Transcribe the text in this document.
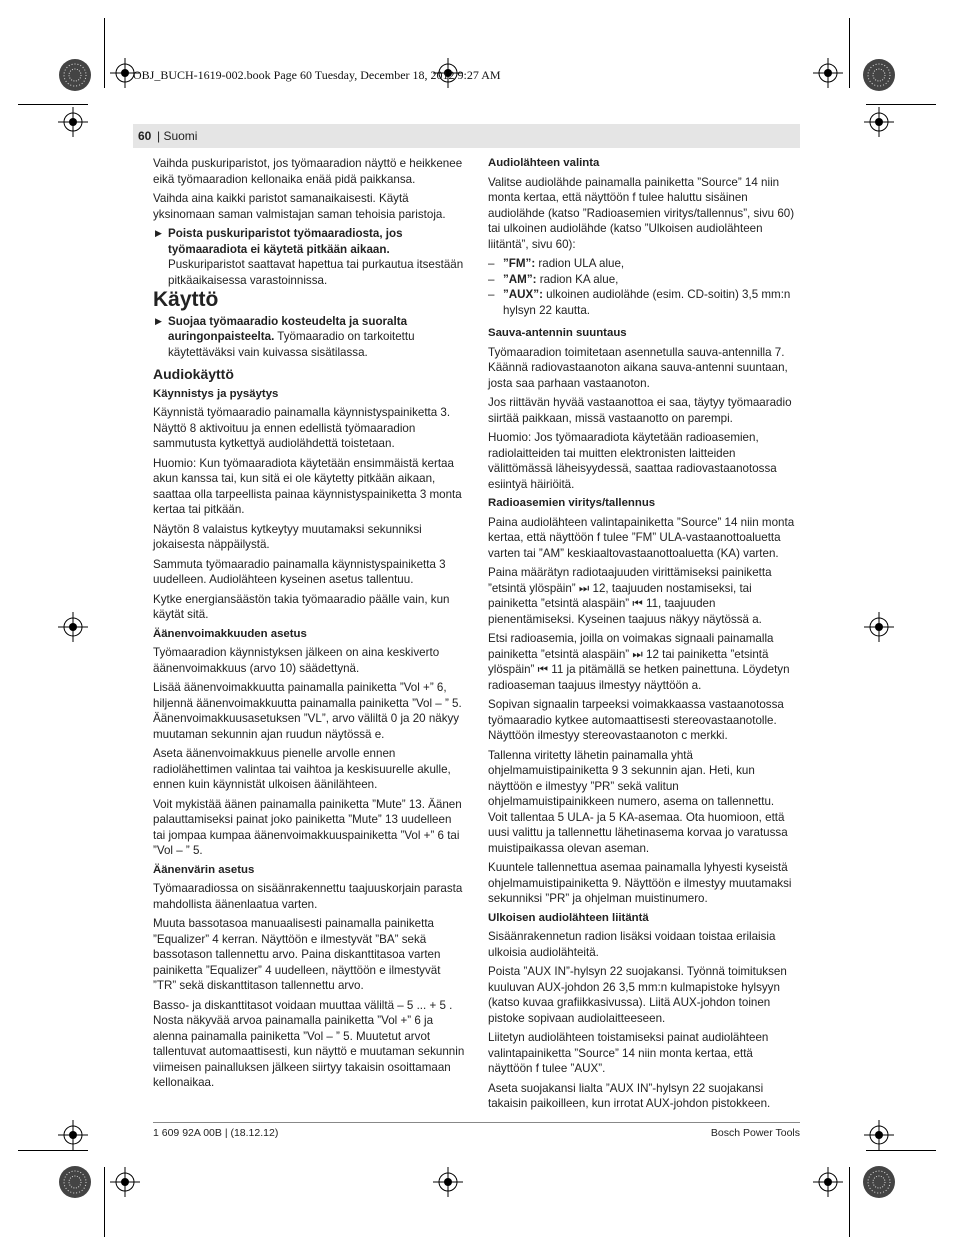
OBJ_BUCH-1619-002.book Page 60 Tuesday, December 18, 2012 9:27 AM
60 | Suomi

Vaihda puskuriparistot, jos työmaaradion näyttö e heikkenee eikä työmaaradion kellonaika enää pidä paikkansa.

Vaihda aina kaikki paristot samanaikaisesti. Käytä yksinomaan saman valmistajan saman tehoisia paristoja.

▶ Poista puskuriparistot työmaaradiosta, jos työmaaradiota ei käytetä pitkään aikaan. Puskuriparistot saattavat hapettua tai purkautua itsestään pitkäaikaisessa varastoinnissa.
Käyttö
▶ Suojaa työmaaradio kosteudelta ja suoralta auringonpaisteelta. Työmaaradio on tarkoitettu käytettäväksi vain kuivassa sisätilassa.
Audiokäyttö
Käynnistys ja pysäytys

Käynnistä työmaaradio painamalla käynnistyspainiketta 3. Näyttö 8 aktivoituu ja ennen edellistä työmaaradion sammutusta kytkettyä audiolähdettä toistetaan.

Huomio: Kun työmaaradiota käytetään ensimmäistä kertaa akun kanssa tai, kun sitä ei ole käytetty pitkään aikaan, saattaa olla tarpeellista painaa käynnistyspainiketta 3 monta kertaa tai pitkään.

Näytön 8 valaistus kytkeytyy muutamaksi sekunniksi jokaisesta näppäilystä.

Sammuta työmaaradio painamalla käynnistyspainiketta 3 uudelleen. Audiolähteen kyseinen asetus tallentuu.

Kytke energiansäästön takia työmaaradio päälle vain, kun käytät sitä.

Äänenvoimakkuuden asetus

Työmaaradion käynnistyksen jälkeen on aina keskiverto äänenvoimakkuus (arvo 10) säädettynä.

Lisää äänenvoimakkuutta painamalla painiketta ”Vol +” 6, hiljennä äänenvoimakkuutta painamalla painiketta ”Vol – ” 5. Äänenvoimakkuusasetuksen ”VL”, arvo väliltä 0 ja 20 näkyy muutaman sekunnin ajan ruudun näytössä e.

Aseta äänenvoimakkuus pienelle arvolle ennen radiolähettimen valintaa tai vaihtoa ja keskisuurelle akulle, ennen kuin käynnistät ulkoisen äänilähteen.

Voit mykistää äänen painamalla painiketta ”Mute” 13. Äänen palauttamiseksi painat joko painiketta ”Mute” 13 uudelleen tai jompaa kumpaa äänenvoimakkuuspainiketta ”Vol +” 6 tai ”Vol – ” 5.

Äänenvärin asetus

Työmaaradiossa on sisäänrakennettu taajuuskorjain parasta mahdollista äänenlaatua varten.

Muuta bassotasoa manuaalisesti painamalla painiketta ”Equalizer” 4 kerran. Näyttöön e ilmestyvät ”BA” sekä bassotason tallennettu arvo. Paina diskanttitasoa varten painiketta ”Equalizer” 4 uudelleen, näyttöön e ilmestyvät ”TR” sekä diskanttitason tallennettu arvo.

Basso- ja diskanttitasot voidaan muuttaa väliltä – 5 ... + 5 . Nosta näkyvää arvoa painamalla painiketta ”Vol +” 6 ja alenna painamalla painiketta ”Vol – ” 5. Muutetut arvot tallentuvat automaattisesti, kun näyttö e muutaman sekunnin viimeisen painalluksen jälkeen siirtyy takaisin osoittamaan kellonaikaa.

Audiolähteen valinta

Valitse audiolähde painamalla painiketta ”Source” 14 niin monta kertaa, että näyttöön f tulee haluttu sisäinen audiolähde (katso ”Radioasemien viritys/tallennus”, sivu 60) tai ulkoinen audiolähde (katso ”Ulkoisen audiolähteen liitäntä”, sivu 60):

– ”FM”: radion ULA alue,
– ”AM”: radion KA alue,
– ”AUX”: ulkoinen audiolähde (esim. CD-soitin) 3,5 mm:n hylsyn 22 kautta.
Sauva-antennin suuntaus

Työmaaradion toimitetaan asennetulla sauva-antennilla 7. Käännä radiovastaanoton aikana sauva-antenni suuntaan, josta saa parhaan vastaanoton.

Jos riittävän hyvää vastaanottoa ei saa, täytyy työmaaradio siirtää paikkaan, missä vastaanotto on parempi.

Huomio: Jos työmaaradiota käytetään radioasemien, radiolaitteiden tai muitten elektronisten laitteiden välittömässä läheisyydessä, saattaa radiovastaanotossa esiintyä häiriöitä.

Radioasemien viritys/tallennus

Paina audiolähteen valintapainiketta ”Source” 14 niin monta kertaa, että näyttöön f tulee ”FM” ULA-vastaanottoaluetta varten tai ”AM” keskiaaltovastaanottoaluetta (KA) varten.

Paina määrätyn radiotaajuuden virittämiseksi painiketta ”etsintä ylöspäin” ⏭ 12, taajuuden nostamiseksi, tai painiketta ”etsintä alaspäin” ⏮ 11, taajuuden pienentämiseksi. Kyseinen taajuus näkyy näytössä a.

Etsi radioasemia, joilla on voimakas signaali painamalla painiketta ”etsintä alaspäin” ⏭ 12 tai painiketta ”etsintä ylöspäin” ⏮ 11 ja pitämällä se hetken painettuna. Löydetyn radioaseman taajuus ilmestyy näyttöön a.

Sopivan signaalin tarpeeksi voimakkaassa vastaanotossa työmaaradio kytkee automaattisesti stereovastaanotolle. Näyttöön ilmestyy stereovastaanoton c merkki.

Tallenna viritetty lähetin painamalla yhtä ohjelmamuistipainiketta 9 3 sekunnin ajan. Heti, kun näyttöön e ilmestyy ”PR” sekä valitun ohjelmamuistipainikkeen numero, asema on tallennettu.

Voit tallentaa 5 ULA- ja 5 KA-asemaa. Ota huomioon, että uusi valittu ja tallennettu lähetinasema korvaa jo varatussa muistipaikassa olevan aseman.

Kuuntele tallennettua asemaa painamalla lyhyesti kyseistä ohjelmamuistipainiketta 9. Näyttöön e ilmestyy muutamaksi sekunniksi ”PR” ja ohjelman muistinumero.

Ulkoisen audiolähteen liitäntä

Sisäänrakennetun radion lisäksi voidaan toistaa erilaisia ulkoisia audiolähteitä.

Poista ”AUX IN”-hylsyn 22 suojakansi. Työnnä toimituksen kuuluvan AUX-johdon 26 3,5 mm:n kulmapistoke hylsyyn (katso kuvaa grafiikkasivussa). Liitä AUX-johdon toinen pistoke sopivaan audiolaitteeseen.

Liitetyn audiolähteen toistamiseksi painat audiolähteen valintapainiketta ”Source” 14 niin monta kertaa, että näyttöön f tulee ”AUX”.

Aseta suojakansi lialta ”AUX IN”-hylsyn 22 suojakansi takaisin paikoilleen, kun irrotat AUX-johdon pistokkeen.

1 609 92A 00B | (18.12.12)	Bosch Power Tools
